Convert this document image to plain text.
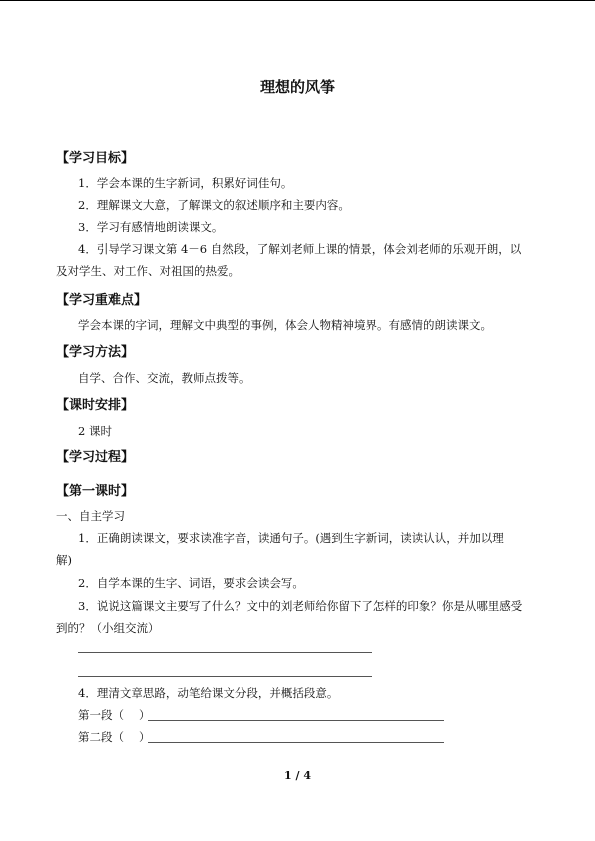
理想的风筝
【学习目标】
1．学会本课的生字新词，积累好词佳句。
2．理解课文大意，了解课文的叙述顺序和主要内容。
3．学习有感情地朗读课文。
4．引导学习课文第 4－6 自然段，了解刘老师上课的情景，体会刘老师的乐观开朗，以
及对学生、对工作、对祖国的热爱。
【学习重难点】
学会本课的字词，理解文中典型的事例，体会人物精神境界。有感情的朗读课文。
【学习方法】
自学、合作、交流，教师点拨等。
【课时安排】
2 课时
【学习过程】
【第一课时】
一、自主学习
1．正确朗读课文，要求读准字音，读通句子。(遇到生字新词，读读认认，并加以理
解)
2．自学本课的生字、词语，要求会读会写。
3．说说这篇课文主要写了什么？文中的刘老师给你留下了怎样的印象？你是从哪里感受
到的？（小组交流）
4．理清文章思路，动笔给课文分段，并概括段意。
第一段（ ）
第二段（ ）
1 / 4
